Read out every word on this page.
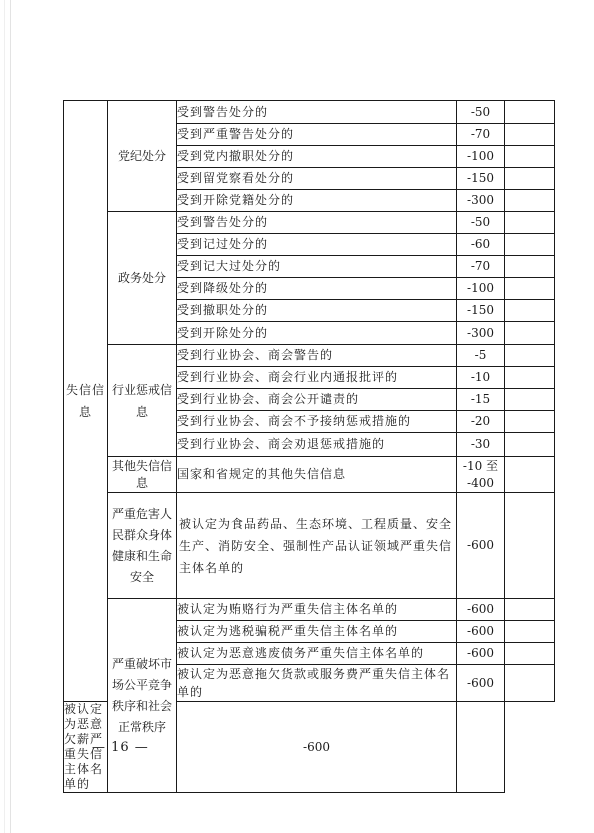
失信信息	党纪处分	受到警告处分的	-50	
		受到严重警告处分的	-70	
		受到党内撤职处分的	-100	
		受到留党察看处分的	-150	
		受到开除党籍处分的	-300	

	政务处分	受到警告处分的	-50	
		受到记过处分的	-60	
		受到记大过处分的	-70	
		受到降级处分的	-100	
		受到撤职处分的	-150	
		受到开除处分的	-300	

	行业惩戒信息	受到行业协会、商会警告的	-5	
		受到行业协会、商会行业内通报批评的	-10	
		受到行业协会、商会公开谴责的	-15	
		受到行业协会、商会不予接纳惩戒措施的	-20	
		受到行业协会、商会劝退惩戒措施的	-30	

	其他失信信息	国家和省规定的其他失信信息	-10 至 -400	

	严重危害人民群众身体健康和生命安全	被认定为食品药品、生态环境、工程质量、安全生产、消防安全、强制性产品认证领域严重失信主体名单的	-600	

	严重破坏市场公平竞争秩序和社会正常秩序	被认定为贿赂行为严重失信主体名单的	-600	
		被认定为逃税骗税严重失信主体名单的	-600	
		被认定为恶意逃废债务严重失信主体名单的	-600	

		被认定为恶意拖欠货款或服务费严重失信主体名单的	-600	
被认定为恶意欠薪严重失信主体名单的		-600		
— 16 —
